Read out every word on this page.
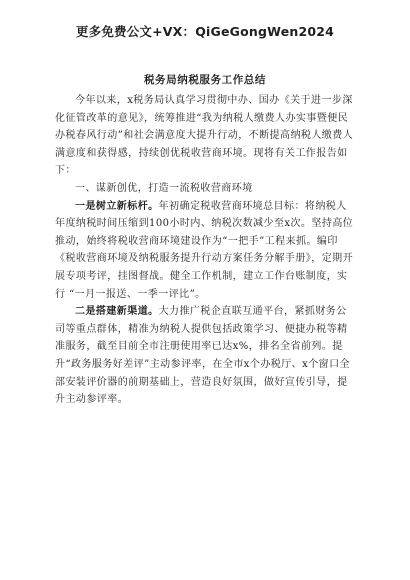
更多免费公文+VX：QiGeGongWen2024
税务局纳税服务工作总结

今年以来，x税务局认真学习贯彻中办、国办《关于进一步深化征管改革的意见》，统筹推进“我为纳税人缴费人办实事暨便民办税春风行动”和社会满意度大提升行动，不断提高纳税人缴费人满意度和获得感，持续创优税收营商环境。现将有关工作报告如下：

一、谋新创优，打造一流税收营商环境

一是树立新标杆。年初确定税收营商环境总目标：将纳税人年度纳税时间压缩到100小时内、纳税次数减少至x次。坚持高位推动，始终将税收营商环境建设作为“一把手”工程来抓。编印《税收营商环境及纳税服务提升行动方案任务分解手册》，定期开展专项考评，挂图督战。健全工作机制，建立工作台账制度，实行 “一月一报送、一季一评比”。

二是搭建新渠道。大力推广税企直联互通平台，紧抓财务公司等重点群体，精准为纳税人提供包括政策学习、便捷办税等精准服务，截至目前全市注册使用率已达x%，排名全省前列。提升“政务服务好差评”主动参评率，在全市x个办税厅、x个窗口全部安装评价器的前期基础上，营造良好氛围，做好宣传引导，提升主动参评率。
